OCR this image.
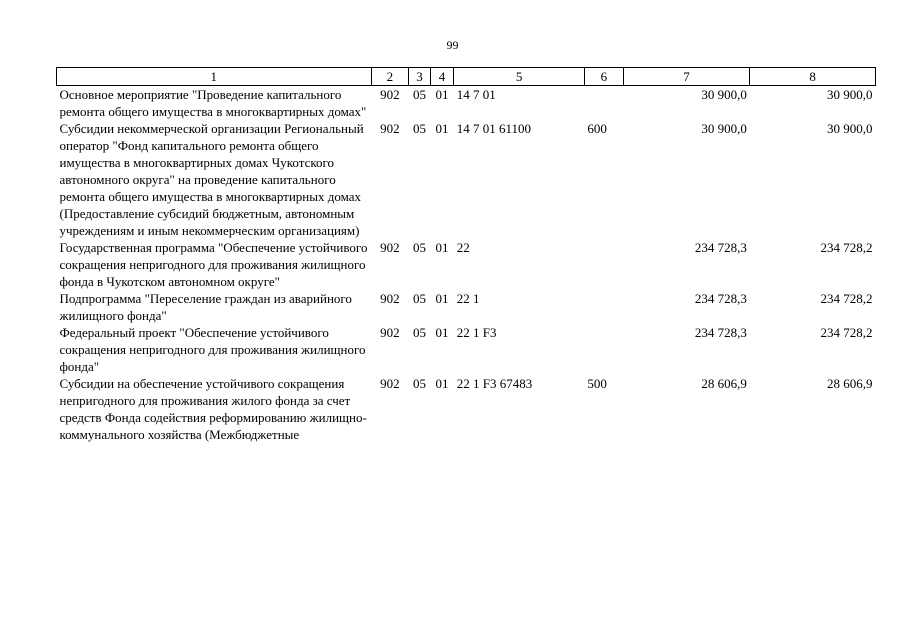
99
1	2	3	4	5	6	7	8
Основное мероприятие "Проведение капитального ремонта общего имущества в многоквартирных домах"	902	05	01	14 7 01		30 900,0	30 900,0
Субсидии некоммерческой организации Региональный оператор "Фонд капитального ремонта общего имущества в многоквартирных домах Чукотского автономного округа" на проведение капитального ремонта общего имущества в многоквартирных домах (Предоставление субсидий бюджетным, автономным учреждениям и иным некоммерческим организациям)	902	05	01	14 7 01 61100	600	30 900,0	30 900,0
Государственная программа "Обеспечение устойчивого сокращения непригодного для проживания жилищного фонда в Чукотском автономном округе"	902	05	01	22		234 728,3	234 728,2
Подпрограмма "Переселение граждан из аварийного жилищного фонда"	902	05	01	22 1		234 728,3	234 728,2
Федеральный проект "Обеспечение устойчивого сокращения непригодного для проживания жилищного фонда"	902	05	01	22 1 F3		234 728,3	234 728,2
Субсидии на обеспечение устойчивого сокращения непригодного для проживания жилого фонда за счет средств Фонда содействия реформированию жилищно-коммунального хозяйства (Межбюджетные	902	05	01	22 1 F3 67483	500	28 606,9	28 606,9
